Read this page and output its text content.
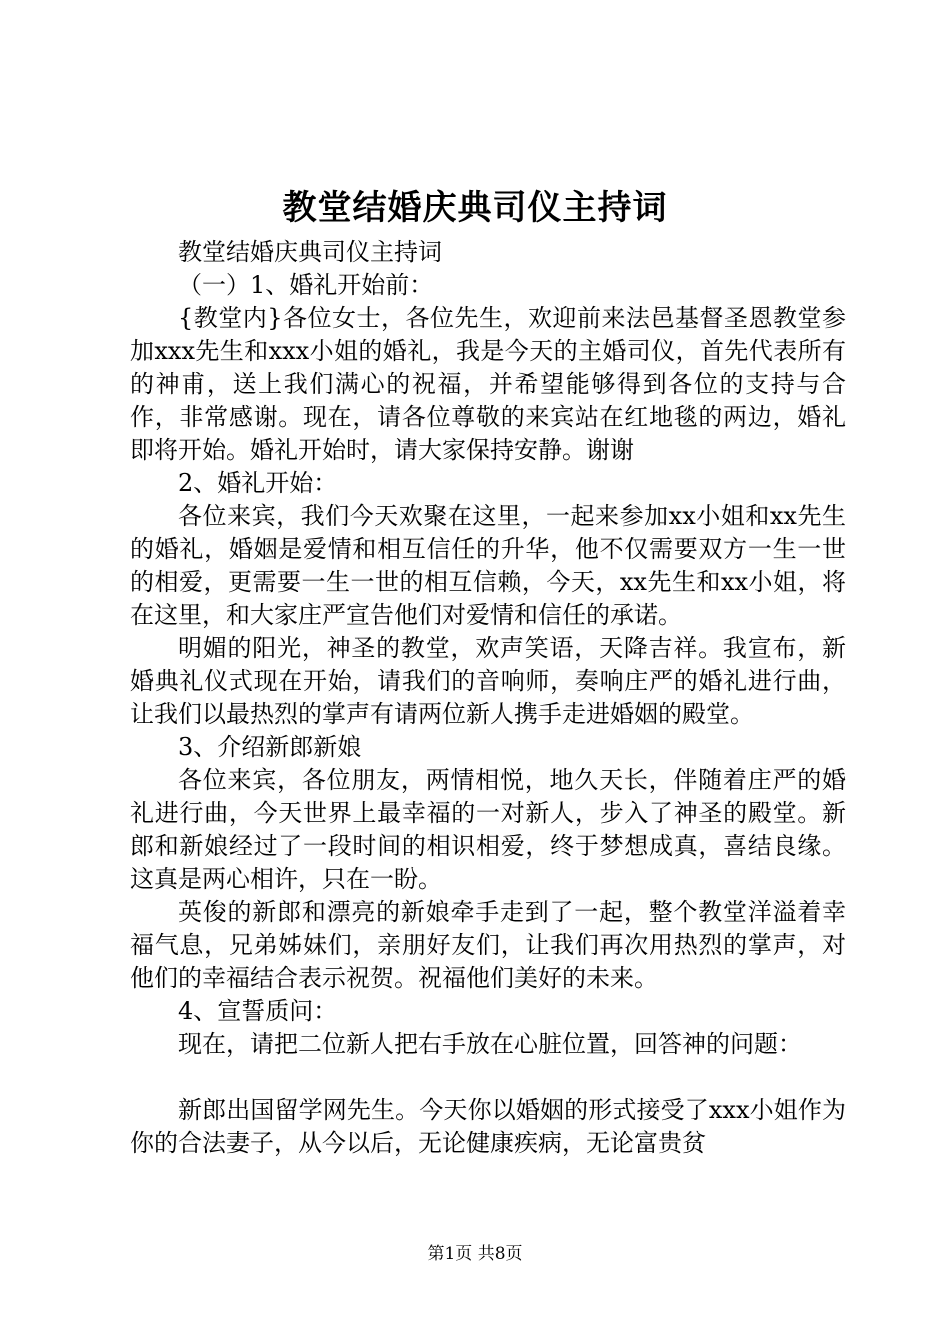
教堂结婚庆典司仪主持词

教堂结婚庆典司仪主持词

（一）1、婚礼开始前：

{教堂内}各位女士，各位先生，欢迎前来法邑基督圣恩教堂参加xxx先生和xxx小姐的婚礼，我是今天的主婚司仪，首先代表所有的神甫，送上我们满心的祝福，并希望能够得到各位的支持与合作，非常感谢。现在，请各位尊敬的来宾站在红地毯的两边，婚礼即将开始。婚礼开始时，请大家保持安静。谢谢

2、婚礼开始：

各位来宾，我们今天欢聚在这里，一起来参加xx小姐和xx先生的婚礼，婚姻是爱情和相互信任的升华，他不仅需要双方一生一世的相爱，更需要一生一世的相互信赖，今天，xx先生和xx小姐，将在这里，和大家庄严宣告他们对爱情和信任的承诺。

明媚的阳光，神圣的教堂，欢声笑语，天降吉祥。我宣布，新婚典礼仪式现在开始，请我们的音响师，奏响庄严的婚礼进行曲，让我们以最热烈的掌声有请两位新人携手走进婚姻的殿堂。

3、介绍新郎新娘

各位来宾，各位朋友，两情相悦，地久天长，伴随着庄严的婚礼进行曲，今天世界上最幸福的一对新人，步入了神圣的殿堂。新郎和新娘经过了一段时间的相识相爱，终于梦想成真，喜结良缘。这真是两心相许，只在一盼。

英俊的新郎和漂亮的新娘牵手走到了一起，整个教堂洋溢着幸福气息，兄弟姊妹们，亲朋好友们，让我们再次用热烈的掌声，对他们的幸福结合表示祝贺。祝福他们美好的未来。

4、宣誓质问：

现在，请把二位新人把右手放在心脏位置，回答神的问题：

新郎出国留学网先生。今天你以婚姻的形式接受了xxx小姐作为你的合法妻子，从今以后，无论健康疾病，无论富贵贫

第1页 共8页
